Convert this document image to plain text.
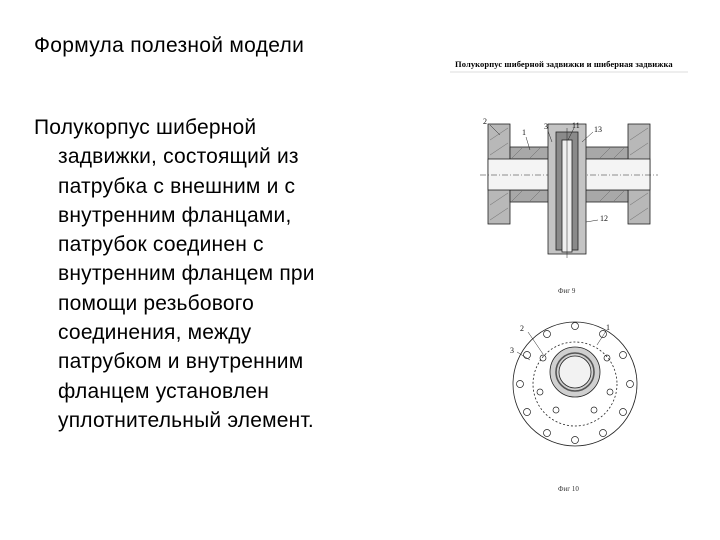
Формула полезной модели
Полукорпус шиберной
задвижки, состоящий из
патрубка с внешним и с
внутренним фланцами,
патрубок соединен с
внутренним фланцем при
помощи резьбового
соединения, между
патрубком и внутренним
фланцем установлен
уплотнительный элемент.
Полукорпус шиберной задвижки и шиберная задвижка
2
1
3	11 13
12
Фиг 9
2	1
3
Фиг 10
